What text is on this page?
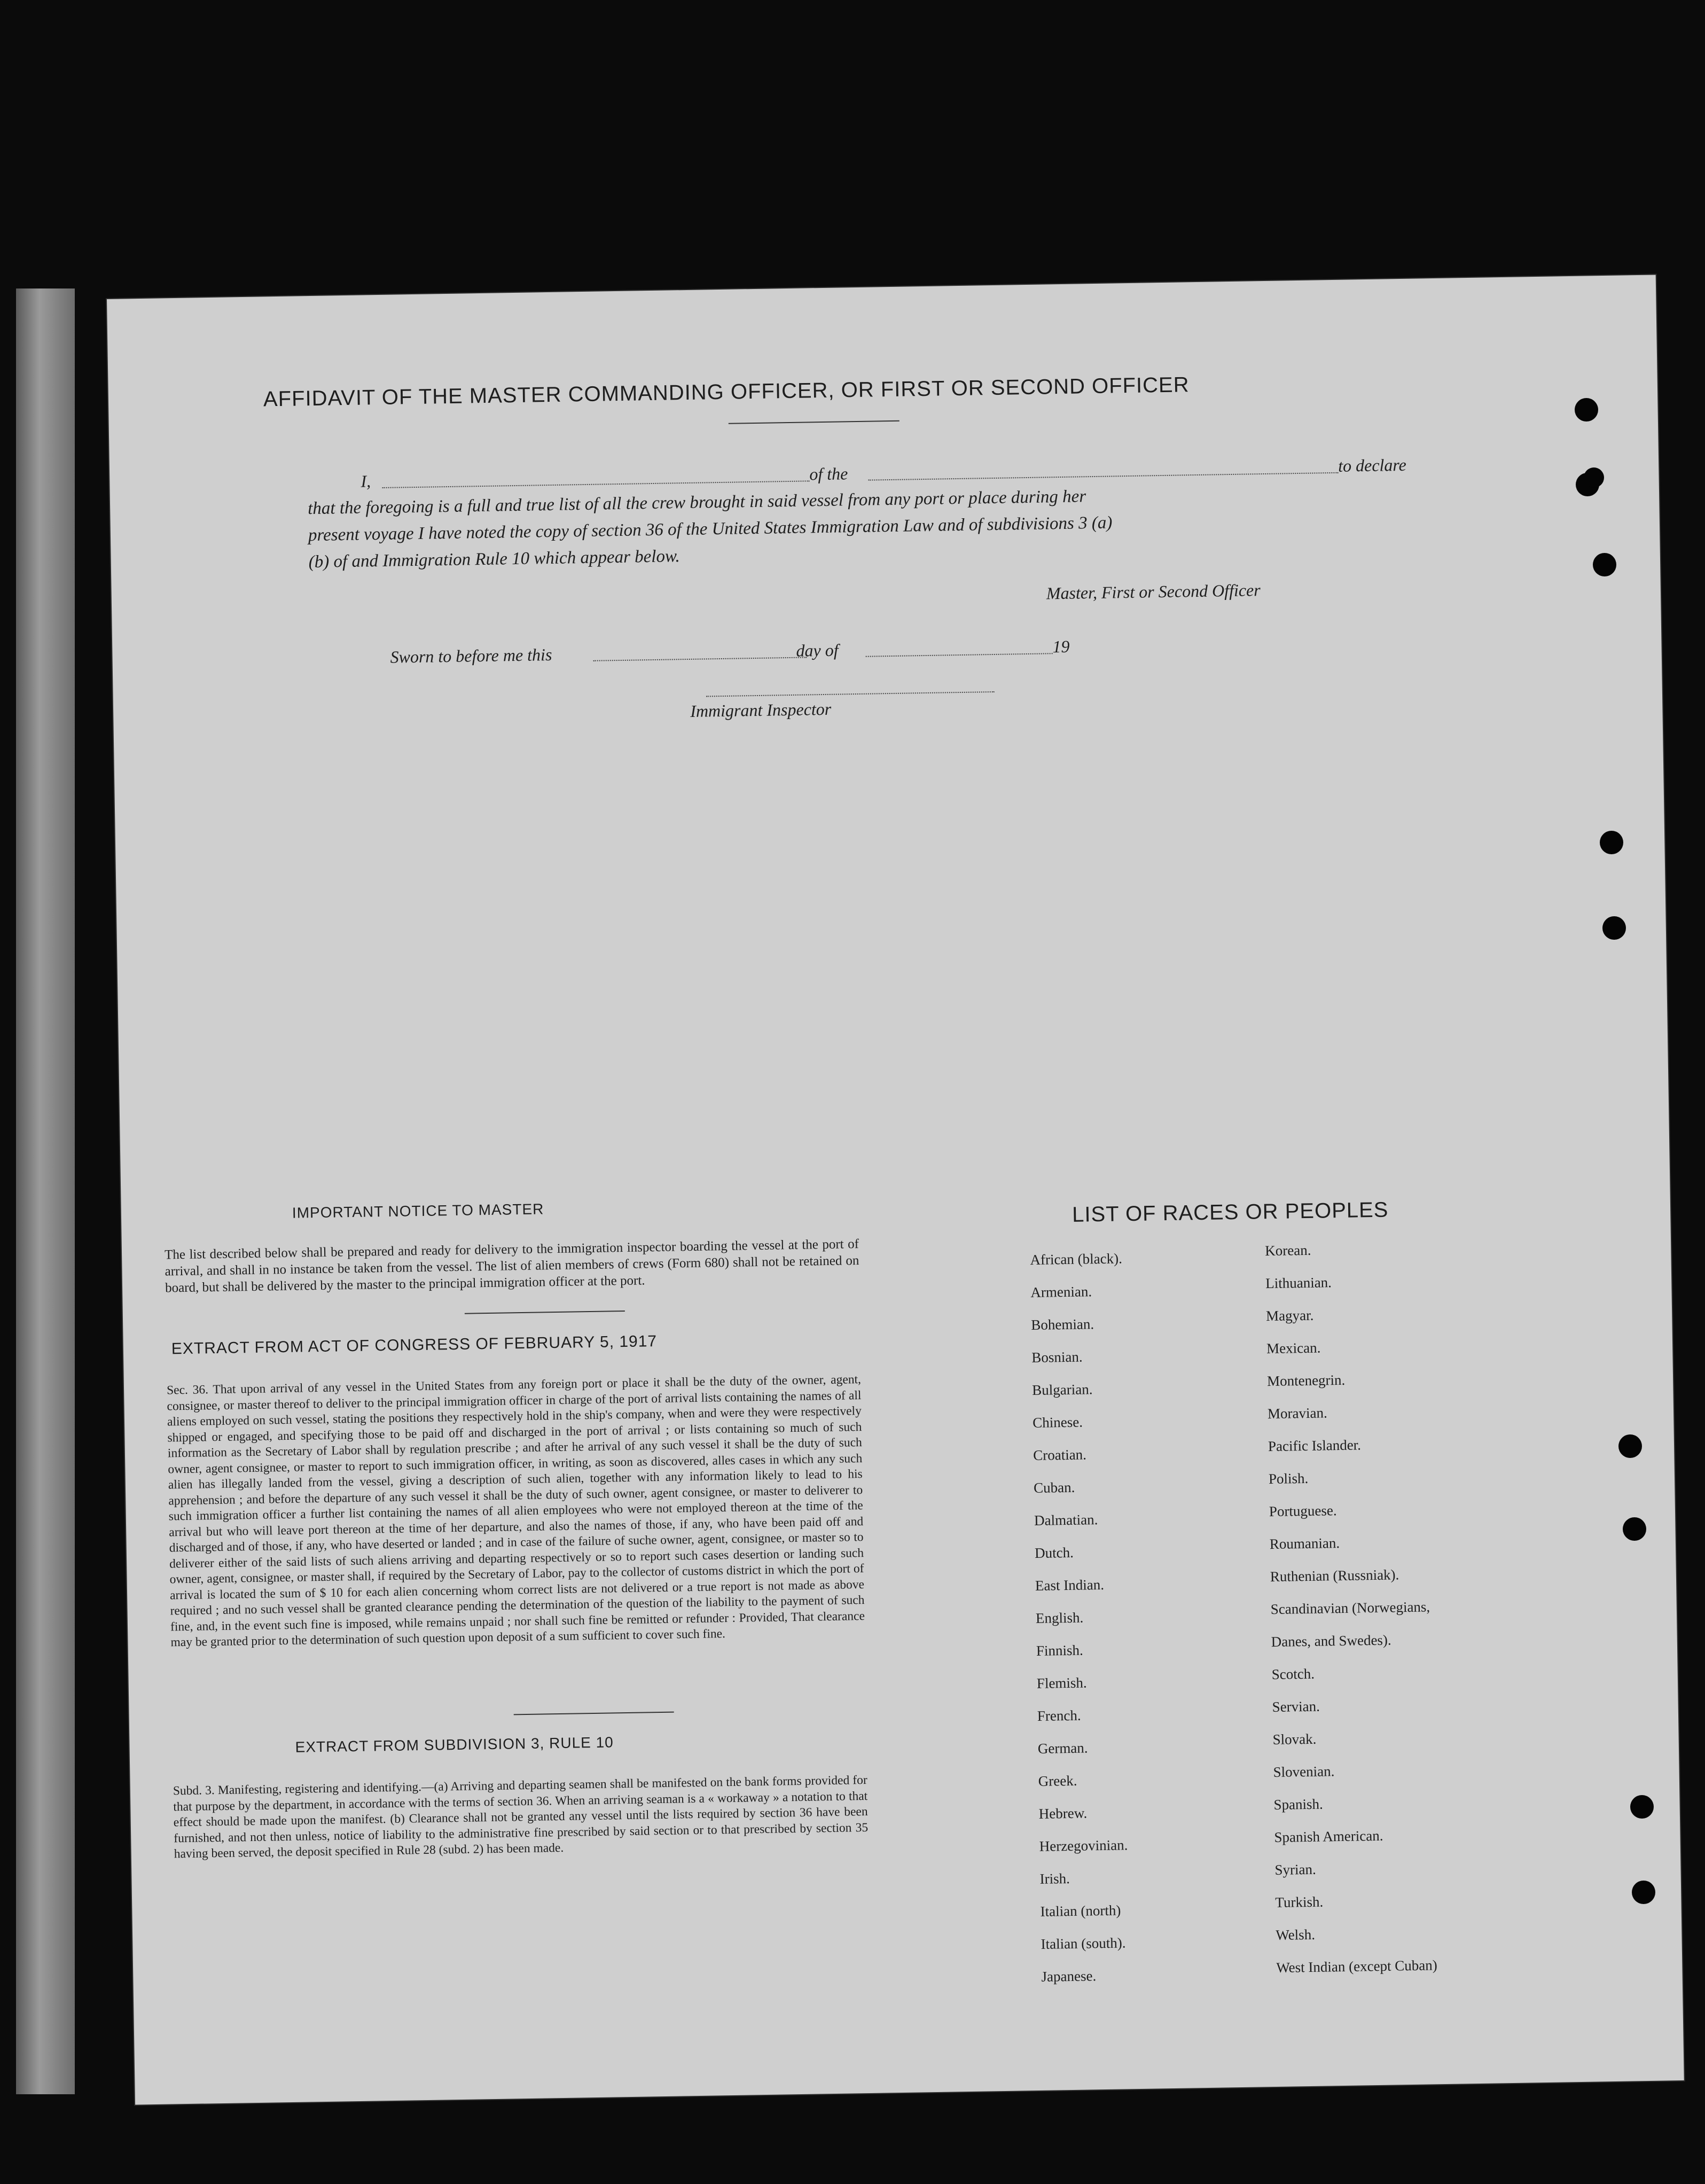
AFFIDAVIT OF THE MASTER COMMANDING OFFICER, OR FIRST OR SECOND OFFICER
I,	of the	to declare
that the foregoing is a full and true list of all the crew brought in said vessel from any port or place during her
present voyage I have noted the copy of section 36 of the United States Immigration Law and of subdivisions 3 (a)
(b) of and Immigration Rule 10 which appear below.
Master, First or Second Officer
Sworn to before me this	day of	19
Immigrant Inspector
IMPORTANT NOTICE TO MASTER
The list described below shall be prepared and ready for delivery to the immigration inspector boarding the vessel at the port of arrival, and shall in no instance be taken from the vessel. The list of alien members of crews (Form 680) shall not be retained on board, but shall be delivered by the master to the principal immigration officer at the port.
EXTRACT FROM ACT OF CONGRESS OF FEBRUARY 5, 1917
Sec. 36. That upon arrival of any vessel in the United States from any foreign port or place it shall be the duty of the owner, agent, consignee, or master thereof to deliver to the principal immigration officer in charge of the port of arrival lists containing the names of all aliens employed on such vessel, stating the positions they respectively hold in the ship's company, when and were they were respectively shipped or engaged, and specifying those to be paid off and discharged in the port of arrival ; or lists containing so much of such information as the Secretary of Labor shall by regulation prescribe ; and after he arrival of any such vessel it shall be the duty of such owner, agent consignee, or master to report to such immigration officer, in writing, as soon as discovered, alles cases in which any such alien has illegally landed from the vessel, giving a description of such alien, together with any information likely to lead to his apprehension ; and before the departure of any such vessel it shall be the duty of such owner, agent consignee, or master to deliverer to such immigration officer a further list containing the names of all alien employees who were not employed thereon at the time of the arrival but who will leave port thereon at the time of her departure, and also the names of those, if any, who have been paid off and discharged and of those, if any, who have deserted or landed ; and in case of the failure of suche owner, agent, consignee, or master so to deliverer either of the said lists of such aliens arriving and departing respectively or so to report such cases desertion or landing such owner, agent, consignee, or master shall, if required by the Secretary of Labor, pay to the collector of customs district in which the port of arrival is located the sum of $ 10 for each alien concerning whom correct lists are not delivered or a true report is not made as above required ; and no such vessel shall be granted clearance pending the determination of the question of the liability to the payment of such fine, and, in the event such fine is imposed, while remains unpaid ; nor shall such fine be remitted or refunder : Provided, That clearance may be granted prior to the determination of such question upon deposit of a sum sufficient to cover such fine.
EXTRACT FROM SUBDIVISION 3, RULE 10
Subd. 3. Manifesting, registering and identifying.—(a) Arriving and departing seamen shall be manifested on the bank forms provided for that purpose by the department, in accordance with the terms of section 36. When an arriving seaman is a « workaway » a notation to that effect should be made upon the manifest. (b) Clearance shall not be granted any vessel until the lists required by section 36 have been furnished, and not then unless, notice of liability to the administrative fine prescribed by said section or to that prescribed by section 35 having been served, the deposit specified in Rule 28 (subd. 2) has been made.
LIST OF RACES OR PEOPLES
African (black).
Armenian.
Bohemian.
Bosnian.
Bulgarian.
Chinese.
Croatian.
Cuban.
Dalmatian.
Dutch.
East Indian.
English.
Finnish.
Flemish.
French.
German.
Greek.
Hebrew.
Herzegovinian.
Irish.
Italian (north)
Italian (south).
Japanese.
Korean.
Lithuanian.
Magyar.
Mexican.
Montenegrin.
Moravian.
Pacific Islander.
Polish.
Portuguese.
Roumanian.
Ruthenian (Russniak).
Scandinavian (Norwegians,
Danes, and Swedes).
Scotch.
Servian.
Slovak.
Slovenian.
Spanish.
Spanish American.
Syrian.
Turkish.
Welsh.
West Indian (except Cuban)
